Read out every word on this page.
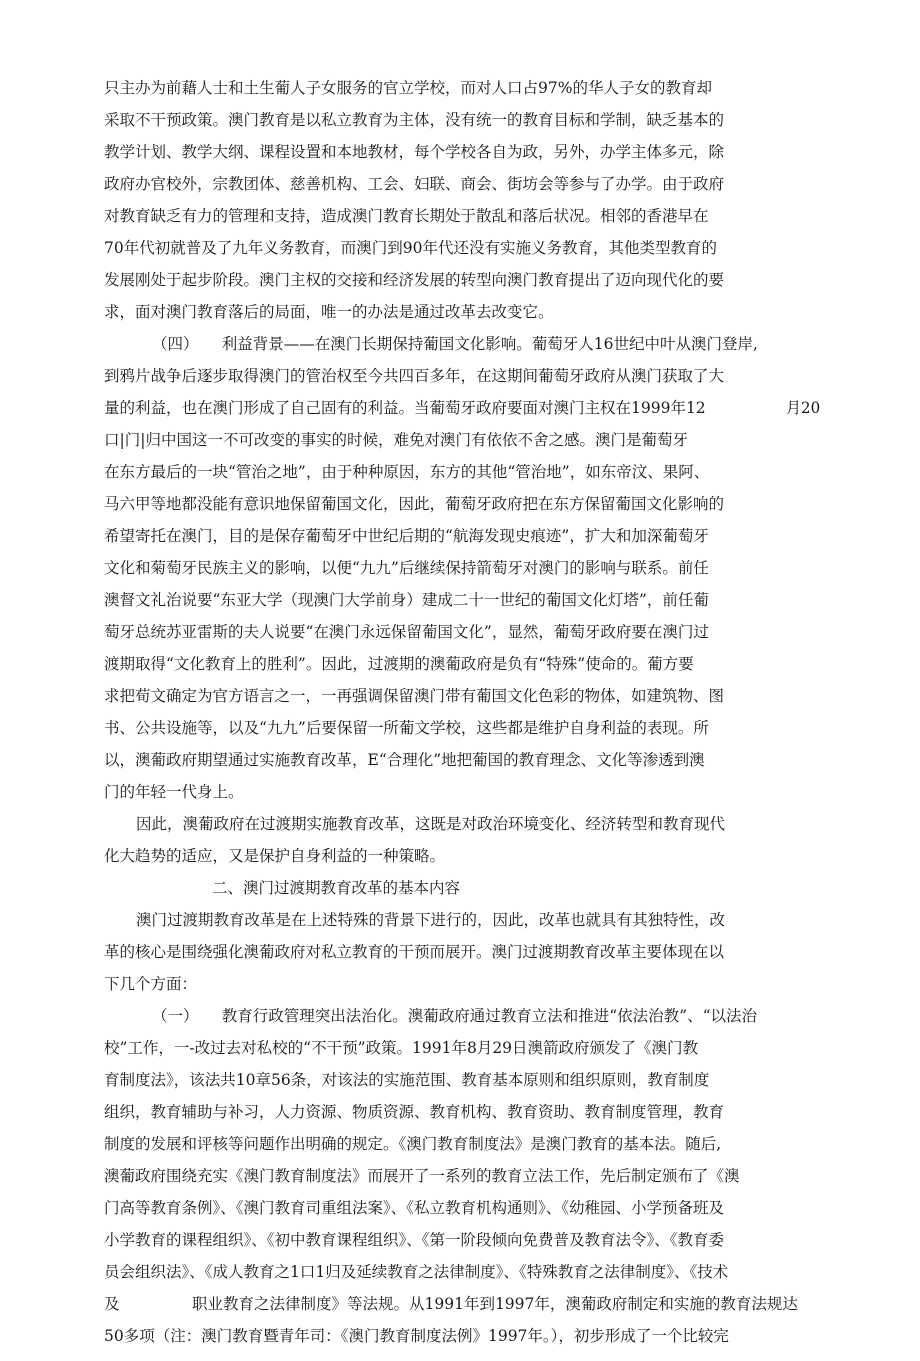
只主办为前藉人士和土生葡人子女服务的官立学校，而对人口占97%的华人子女的教育却
采取不干预政策。澳门教育是以私立教育为主体，没有统一的教育目标和学制，缺乏基本的
教学计划、教学大纲、课程设置和本地教材，每个学校各自为政，另外，办学主体多元，除
政府办官校外，宗教团体、慈善机构、工会、妇联、商会、街坊会等参与了办学。由于政府
对教育缺乏有力的管理和支持，造成澳门教育长期处于散乱和落后状况。相邻的香港早在
70年代初就普及了九年义务教育，而澳门到90年代还没有实施义务教育，其他类型教育的
发展刚处于起步阶段。澳门主权的交接和经济发展的转型向澳门教育提出了迈向现代化的要
求，面对澳门教育落后的局面，唯一的办法是通过改革去改变它。
（四）　　利益背景——在澳门长期保持葡国文化影响。葡萄牙人16世纪中叶从澳门登岸,
到鸦片战争后逐步取得澳门的管治权至今共四百多年，在这期间葡萄牙政府从澳门获取了大
量的利益，也在澳门形成了自己固有的利益。当葡萄牙政府要面对澳门主权在1999年12	月20
口|门|归中国这一不可改变的事实的时候，难免对澳门有依依不舍之感。澳门是葡萄牙
在东方最后的一块“管治之地”，由于种种原因，东方的其他“管治地”，如东帝汶、果阿、
马六甲等地都没能有意识地保留葡国文化，因此，葡萄牙政府把在东方保留葡国文化影响的
希望寄托在澳门，目的是保存葡萄牙中世纪后期的“航海发现史痕迹”，扩大和加深葡萄牙
文化和菊萄牙民族主义的影响，以便“九九”后继续保持箭萄牙对澳门的影响与联系。前任
澳督文礼治说要“东亚大学（现澳门大学前身）建成二十一世纪的葡国文化灯塔”，前任葡
萄牙总统苏亚雷斯的夫人说要“在澳门永远保留葡国文化”，显然，葡萄牙政府要在澳门过
渡期取得“文化教育上的胜利”。因此，过渡期的澳葡政府是负有“特殊”使命的。葡方要
求把荀文确定为官方语言之一，一再强调保留澳门带有葡国文化色彩的物体，如建筑物、图
书、公共设施等，以及“九九”后要保留一所葡文学校，这些都是维护自身利益的表现。所
以，澳葡政府期望通过实施教育改革，E“合理化”地把葡国的教育理念、文化等渗透到澳
门的年轻一代身上。
因此，澳葡政府在过渡期实施教育改革，这既是对政治环境变化、经济转型和教育现代
化大趋势的适应，又是保护自身利益的一种策略。
二、澳门过渡期教育改革的基本内容
澳门过渡期教育改革是在上述特殊的背景下进行的，因此，改革也就具有其独特性，改
革的核心是围绕强化澳葡政府对私立教育的干预而展开。澳门过渡期教育改革主要体现在以
下几个方面：
（一）　　教育行政管理突出法治化。澳葡政府通过教育立法和推进“依法治教”、“以法治
校”工作，一-改过去对私校的“不干预”政策。1991年8月29日澳箭政府颁发了《澳门教
育制度法》，该法共10章56条，对该法的实施范围、教育基本原则和组织原则，教育制度
组织，教育辅助与补习，人力资源、物质资源、教育机构、教育资助、教育制度管理，教育
制度的发展和评核等问题作出明确的规定。《澳门教育制度法》是澳门教育的基本法。随后,
澳葡政府围绕充实《澳门教育制度法》而展开了一系列的教育立法工作，先后制定颁布了《澳
门高等教育条例》、《澳门教育司重组法案》、《私立教育机构通则》、《幼稚园、小学预备班及
小学教育的课程组织》、《初中教育课程组织》、《第一阶段倾向免费普及教育法令》、《教育委
员会组织法》、《成人教育之1口1归及延续教育之法律制度》、《特殊教育之法律制度》、《技术
及	职业教育之法律制度》等法规。从1991年到1997年，澳葡政府制定和实施的教育法规达
50多项（注：澳门教育暨青年司：《澳门教育制度法例》1997年。），初步形成了一个比较完
